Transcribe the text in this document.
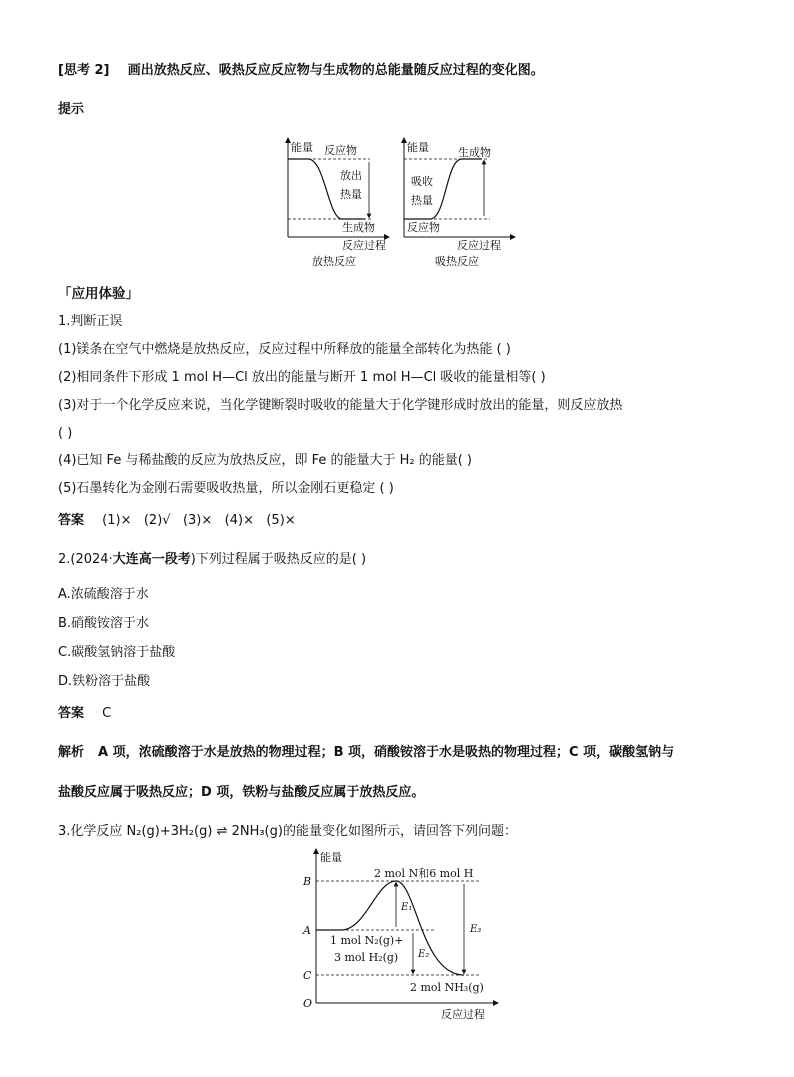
[思考 2] 画出放热反应、吸热反应反应物与生成物的总能量随反应过程的变化图。
提示
能量 反应物
放出
热量
生成物
反应过程
放热反应
能量	生成物
吸收
热量
反应物
反应过程
吸热反应
「应用体验」
1.判断正误
(1)镁条在空气中燃烧是放热反应，反应过程中所释放的能量全部转化为热能 ( )
(2)相同条件下形成 1 mol H—Cl 放出的能量与断开 1 mol H—Cl 吸收的能量相等( )
(3)对于一个化学反应来说，当化学键断裂时吸收的能量大于化学键形成时放出的能量，则反应放热
( )
(4)已知 Fe 与稀盐酸的反应为放热反应，即 Fe 的能量大于 H₂ 的能量( )
(5)石墨转化为金刚石需要吸收热量，所以金刚石更稳定 ( )
答案 (1)×   (2)√   (3)×   (4)×   (5)×
2.(2024·大连高一段考)下列过程属于吸热反应的是( )
A.浓硫酸溶于水
B.硝酸铵溶于水
C.碳酸氢钠溶于盐酸
D.铁粉溶于盐酸
答案 C
解析 A 项，浓硫酸溶于水是放热的物理过程；B 项，硝酸铵溶于水是吸热的物理过程；C 项，碳酸氢钠与
盐酸反应属于吸热反应；D 项，铁粉与盐酸反应属于放热反应。
3.化学反应 N₂(g)+3H₂(g) ⇌ 2NH₃(g)的能量变化如图所示，请回答下列问题：
能量
反应过程
O
B
A
C
2 mol N和6 mol H
1 mol N₂(g)+
3 mol H₂(g)
2 mol NH₃(g)
E₁
E₂
E₃
